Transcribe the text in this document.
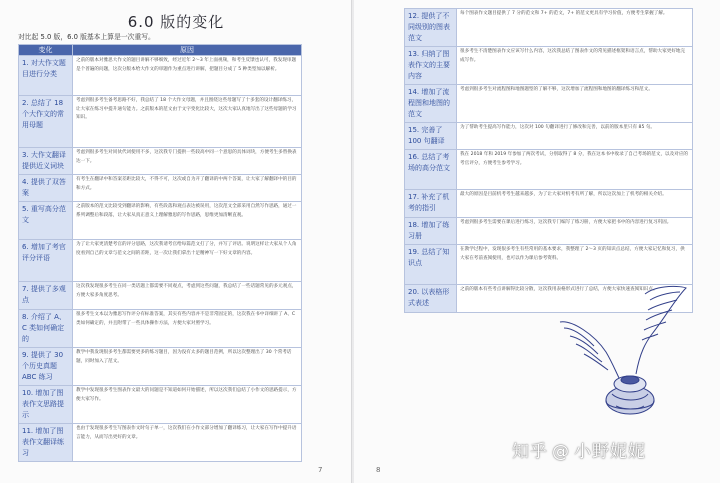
6.0 版的变化
对比起 5.0 版，6.0 版基本上算是一次重写。
变化	原因
1. 对大作文题目进行分类	之前的版本对雅思大作文的题目讲解不够细致，经过近年 2～3 年上面视频，和考生反馈也认可，我发现审题是个普遍的问题，这次分版本给大作文的审题作为重点进行讲解，把题目分成了 5 种类型加以解析。
2. 总结了 18 个大作文的常用母题	考虑到很多考生备考思路不好，我总结了 18 个大作文母题，并且围绕这些母题写了十多套的设计翻译练习，让大家在练习中提升通句能力。之前版本的范文由于文字变化比较大，这次大家认真地写出了这些母题的学习知识。
3. 大作文翻译提供近义词块	考虑到很多考生对同伙代词使用不多，这次我专门提供一些较高中同一个意思的具体词块，方便考生多替换表达一下。
4. 提供了双答案	有考生在翻译中和答案差距比较大，不得不可，这次或自为开了翻译的中两个答案，让大家了解翻译中的目的和方式。
5. 重写高分范文	之前版本的范文比较受到翻译的影响，有些段落和观点表达被误用，这次范文全部采用自然写作思路，通过一系列调整后和段落，让大家从真正意义上理解雅思的写作思路，思维更加清晰直观。
6. 增加了考官评分评语	为了让大家更清楚考官的评分思路，这次我请考官给每篇范文打了分，并写了评语。说明这样让大家从个人角度看到自己的文章与范文之间的差距，这一次让我们拿出十足精神写一下好文章的内容。
7. 提供了多观点	这次我发现很多考生在同一类话题上都需要不同观点，考虑到这些问题，我总结了一些话题常见的多元观点，方便大家多角度思考。
8. 介绍了 A、C 类如何确定的	很多考生文本以为雅思写作评分有标准答案，其实有些内容并不是非常固定的，这次我在书中详细讲了 A、C 类如何确定的，并且附带了一些具体操作方法，方便大家对照学习。
9. 提供了 30 个历史真题 ABC 练习	教学中我发现很多考生都需要更多的练习题目，因为没有太多的题目范例，所以这次整理出了 30 个常考话题，同时加入了范文。
10. 增加了图表作文思路提示	教学中发现很多考生图表作文最大的问题是不知道如何开始描述，所以这次我们总结了小作文的思路提示，方便大家写作。
11. 增加了图表作文翻译练习	也由于发现很多考生写图表作文时句子单一，这次我们在小作文部分增加了翻译练习，让大家在写作中提升语言能力，从而写出更好的文章。
7	8
12. 提供了不同级别的图表范文	每个图表作文题目提供了 7 分的范文和 7+ 的范文，7+ 的范文更具有学习价值，方便考生掌握了解。
13. 归纳了图表作文的主要内容	很多考生不清楚图表作文应该写什么内容，这次我总结了图表作文的常见描述框架和语言点，帮助大家更好地完成写作。
14. 增加了流程图和地图的范文	考虑到很多考生对流程图和地图题型的了解不够，这次增加了流程图和地图的翻译练习和范文。
15. 完善了 100 句翻译	为了帮助考生提高写作能力，这次对 100 句翻译进行了修改和完善，以前的版本里只有 85 句。
16. 总结了考场的高分范文	我在 2018 年和 2019 年参加了两次考试，分别取得了 8 分，我在这本书中收录了自己考场的范文，以及对应的考官评分，方便考生参考学习。
17. 补充了机考的指引	最大的原因是目前机考考生越来越多，为了让大家对机考有所了解，所以这次加上了机考的相关介绍。
18. 增加了练习册	考虑到很多考生需要在课后进行练习，这次我专门编写了练习册，方便大家把书中的内容进行复习巩固。
19. 总结了知识点	在教学过程中，发现很多考生有些常用的基本要求，我整理了 2～3 页的知识点总结，方便大家记忆和复习，供大家在考前查阅使用，也可以作为课后参考资料。
20. 以表格形式表述	之前的版本有些考点讲解得比较分散，这次我用表格形式进行了总结，方便大家快速查阅知识点。
知乎 @ 小野妮妮
